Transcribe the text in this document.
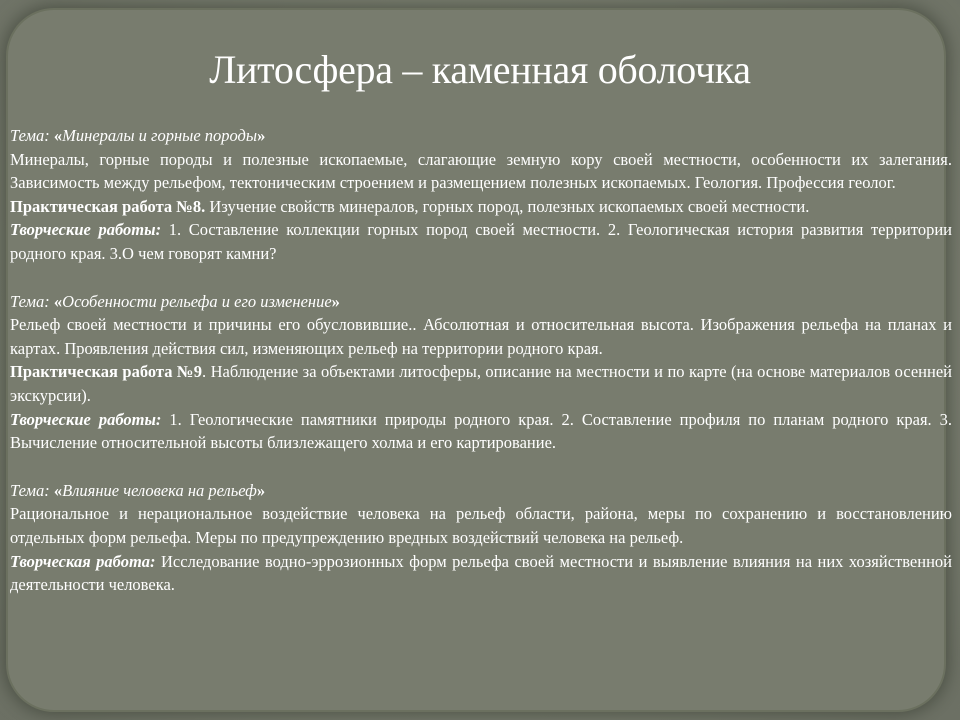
Литосфера – каменная оболочка

Тема: «Минералы и горные породы»

Минералы, горные породы и полезные ископаемые, слагающие земную кору своей местности, особенности их залегания. Зависимость между рельефом, тектоническим строением и размещением полезных ископаемых. Геология. Профессия геолог.

Практическая работа №8. Изучение свойств минералов, горных пород, полезных ископаемых своей местности.

Творческие работы: 1. Составление коллекции горных пород своей местности. 2. Геологическая история развития территории родного края. 3.О чем говорят камни?

Тема: «Особенности рельефа и его изменение»

Рельеф своей местности и причины его обусловившие.. Абсолютная и относительная высота. Изображения рельефа на планах и картах. Проявления действия сил, изменяющих рельеф на территории родного края.

Практическая работа №9. Наблюдение за объектами литосферы, описание на местности и по карте (на основе материалов осенней экскурсии).

Творческие работы: 1. Геологические памятники природы родного края. 2. Составление профиля по планам родного края. 3. Вычисление относительной высоты близлежащего холма и его картирование.

Тема: «Влияние человека на рельеф»

Рациональное и нерациональное воздействие человека на рельеф области, района, меры по сохранению и восстановлению отдельных форм рельефа. Меры по предупреждению вредных воздействий человека на рельеф.

Творческая работа: Исследование водно-эррозионных форм рельефа своей местности и выявление влияния на них хозяйственной деятельности человека.
